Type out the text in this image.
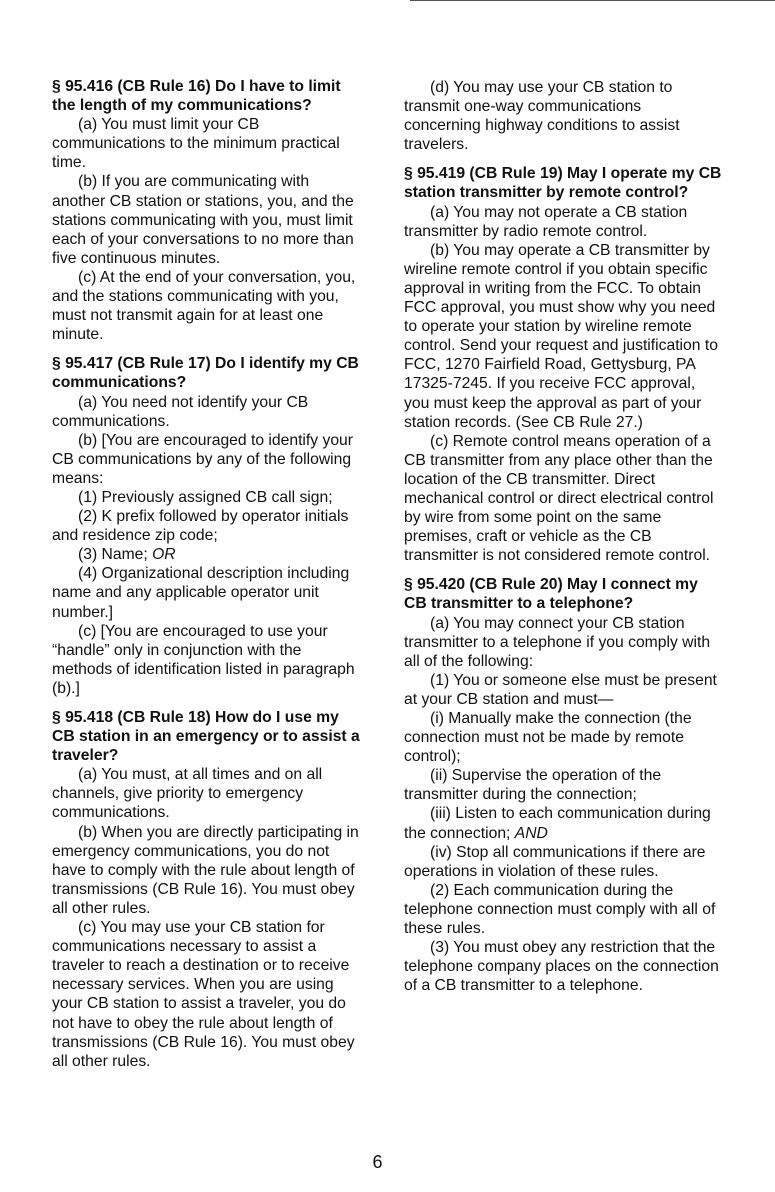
§ 95.416 (CB Rule 16) Do I have to limit the length of my communications?

(a) You must limit your CB communications to the minimum practical time.

(b) If you are communicating with another CB station or stations, you, and the stations communicating with you, must limit each of your conversations to no more than five continuous minutes.

(c) At the end of your conversation, you, and the stations communicating with you, must not transmit again for at least one minute.

§ 95.417 (CB Rule 17) Do I identify my CB communications?

(a) You need not identify your CB communications.

(b) [You are encouraged to identify your CB communications by any of the following means:

(1) Previously assigned CB call sign;

(2) K prefix followed by operator initials and residence zip code;

(3) Name; OR

(4) Organizational description including name and any applicable operator unit number.]

(c) [You are encouraged to use your “handle” only in conjunction with the methods of identification listed in paragraph (b).]

§ 95.418 (CB Rule 18) How do I use my CB station in an emergency or to assist a traveler?

(a) You must, at all times and on all channels, give priority to emergency communications.

(b) When you are directly participating in emergency communications, you do not have to comply with the rule about length of transmissions (CB Rule 16). You must obey all other rules.

(c) You may use your CB station for communications necessary to assist a traveler to reach a destination or to receive necessary services. When you are using your CB station to assist a traveler, you do not have to obey the rule about length of transmissions (CB Rule 16). You must obey all other rules.

(d) You may use your CB station to transmit one-way communications concerning highway conditions to assist travelers.

§ 95.419 (CB Rule 19) May I operate my CB station transmitter by remote control?

(a) You may not operate a CB station transmitter by radio remote control.

(b) You may operate a CB transmitter by wireline remote control if you obtain specific approval in writing from the FCC. To obtain FCC approval, you must show why you need to operate your station by wireline remote control. Send your request and justification to FCC, 1270 Fairfield Road, Gettysburg, PA 17325-7245. If you receive FCC approval, you must keep the approval as part of your station records. (See CB Rule 27.)

(c) Remote control means operation of a CB transmitter from any place other than the location of the CB transmitter. Direct mechanical control or direct electrical control by wire from some point on the same premises, craft or vehicle as the CB transmitter is not considered remote control.

§ 95.420 (CB Rule 20) May I connect my CB transmitter to a telephone?

(a) You may connect your CB station transmitter to a telephone if you comply with all of the following:

(1) You or someone else must be present at your CB station and must—

(i) Manually make the connection (the connection must not be made by remote control);

(ii) Supervise the operation of the transmitter during the connection;

(iii) Listen to each communication during the connection; AND

(iv) Stop all communications if there are operations in violation of these rules.

(2) Each communication during the telephone connection must comply with all of these rules.

(3) You must obey any restriction that the telephone company places on the connection of a CB transmitter to a telephone.

6
